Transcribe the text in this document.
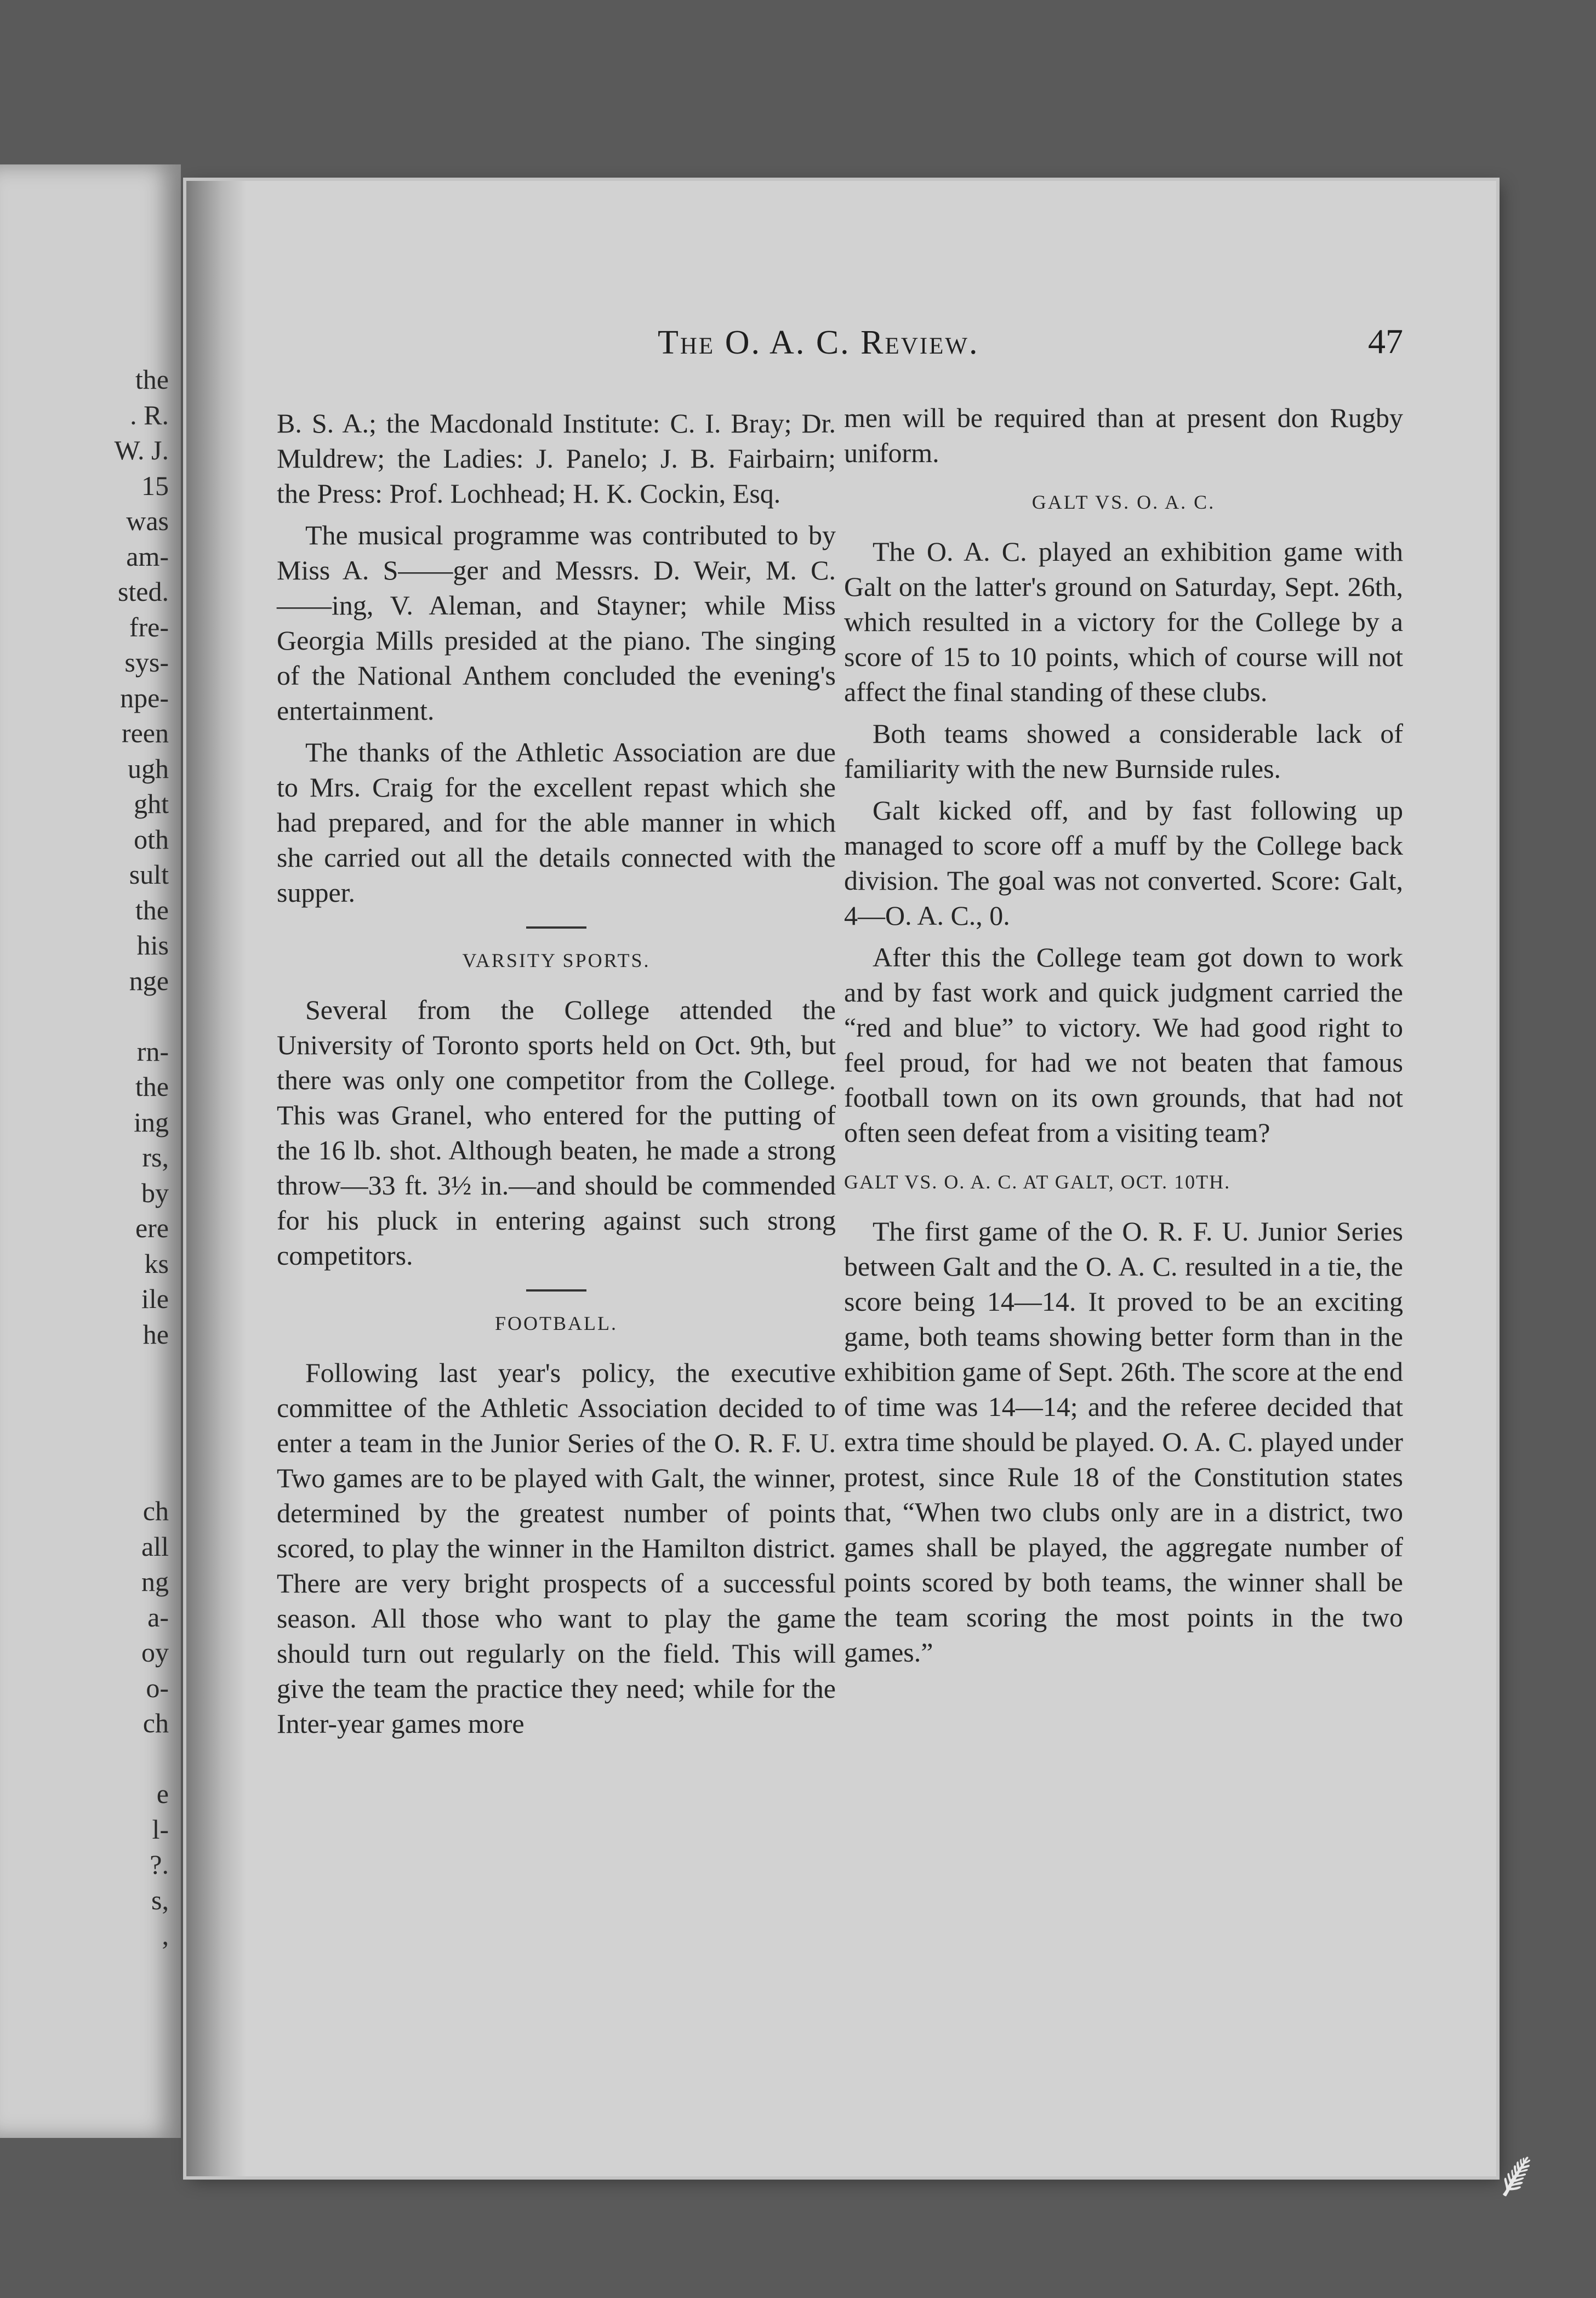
the
. R.
W. J.
15
was
am-
sted.
fre-
sys-
npe-
reen
ugh
ght
oth
sult
the
his
nge
rn-
the
ing
rs,
by
ere
ks
ile
he
ch
all
ng
a-
oy
o-
ch
e
l-
?.
s,
,
The O. A. C. Review.	47

B. S. A.; the Macdonald Institute: C. I. Bray; Dr. Muldrew; the Ladies: J. Panelo; J. B. Fairbairn; the Press: Prof. Lochhead; H. K. Cockin, Esq.

The musical programme was contributed to by Miss A. S——ger and Messrs. D. Weir, M. C. ——ing, V. Aleman, and Stayner; while Miss Georgia Mills presided at the piano. The singing of the National Anthem concluded the evening's entertainment.

The thanks of the Athletic Association are due to Mrs. Craig for the excellent repast which she had prepared, and for the able manner in which she carried out all the details connected with the supper.

VARSITY SPORTS.

Several from the College attended the University of Toronto sports held on Oct. 9th, but there was only one competitor from the College. This was Granel, who entered for the putting of the 16 lb. shot. Although beaten, he made a strong throw—33 ft. 3½ in.—and should be commended for his pluck in entering against such strong competitors.

FOOTBALL.

Following last year's policy, the executive committee of the Athletic Association decided to enter a team in the Junior Series of the O. R. F. U. Two games are to be played with Galt, the winner, determined by the greatest number of points scored, to play the winner in the Hamilton district. There are very bright prospects of a successful season. All those who want to play the game should turn out regularly on the field. This will give the team the practice they need; while for the Inter-year games more

men will be required than at present don Rugby uniform.

GALT VS. O. A. C.

The O. A. C. played an exhibition game with Galt on the latter's ground on Saturday, Sept. 26th, which resulted in a victory for the College by a score of 15 to 10 points, which of course will not affect the final standing of these clubs.

Both teams showed a considerable lack of familiarity with the new Burnside rules.

Galt kicked off, and by fast following up managed to score off a muff by the College back division. The goal was not converted. Score: Galt, 4—O. A. C., 0.

After this the College team got down to work and by fast work and quick judgment carried the “red and blue” to victory. We had good right to feel proud, for had we not beaten that famous football town on its own grounds, that had not often seen defeat from a visiting team?

GALT VS. O. A. C. AT GALT, OCT. 10TH.

The first game of the O. R. F. U. Junior Series between Galt and the O. A. C. resulted in a tie, the score being 14—14. It proved to be an exciting game, both teams showing better form than in the exhibition game of Sept. 26th. The score at the end of time was 14—14; and the referee decided that extra time should be played. O. A. C. played under protest, since Rule 18 of the Constitution states that, “When two clubs only are in a district, two games shall be played, the aggregate number of points scored by both teams, the winner shall be the team scoring the most points in the two games.”

⸙
